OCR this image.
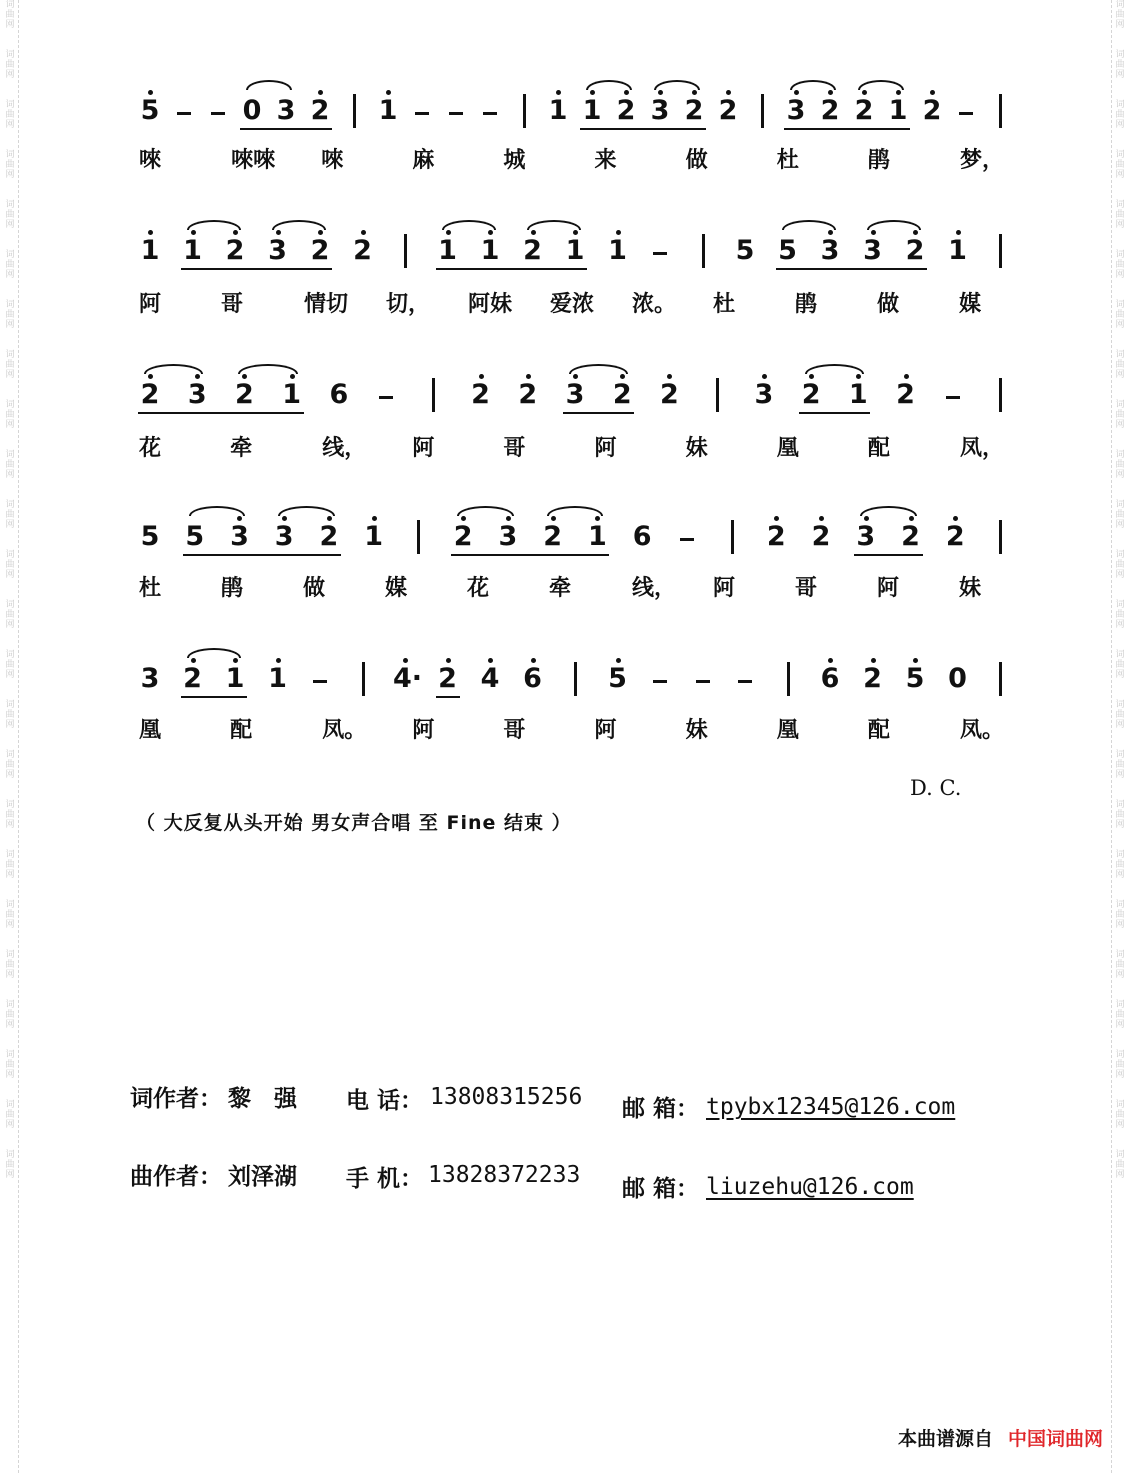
词
曲
网

词
曲
网

词
曲
网

词
曲
网

词
曲
网

词
曲
网

词
曲
网

词
曲
网

词
曲
网

词
曲
网

词
曲
网

词
曲
网

词
曲
网

词
曲
网

词
曲
网

词
曲
网

词
曲
网

词
曲
网

词
曲
网

词
曲
网

词
曲
网

词
曲
网

词
曲
网

词
曲
网

词
曲
网

词
曲
网

词
曲
网

词
曲
网

词
曲
网

词
曲
网

词
曲
网

词
曲
网

词
曲
网

词
曲
网

词
曲
网

词
曲
网

词
曲
网

词
曲
网

词
曲
网

词
曲
网

词
曲
网

词
曲
网

词
曲
网

词
曲
网

词
曲
网

词
曲
网

词
曲
网

词
曲
网

5	0 3 2 1	1 1 2 3 2 2 3 2 2 1 2
唻	唻唻 唻	麻	城	来	做	杜	鹃	梦，
1 1 2 3 2 2 1 1 2 1 1	5 5 3 3 2 1
阿	哥	情切 切， 阿妹 爱浓 浓。 杜	鹃	做	媒
2 3 2 1 6	2 2 3 2 2	3 2 1 2
花	牵	线， 阿	哥	阿	妹	凰	配	凤，
5 5 3 3 2 1	2 3 2 1 6	2 2 3 2 2
杜	鹃	做	媒	花	牵	线， 阿	哥	阿	妹
3 2 1 1	4· 2 4 6 5	6 2 5 0
凰	配	凤。 阿	哥	阿	妹	凰	配	凤。
D. C.
（ 大反复从头开始 男女声合唱 至 Fine 结束 ）
词作者： 黎　强 电 话： 13808315256 邮 箱： tpybx12345@126.com
曲作者： 刘泽湖 手 机： 13828372233
邮 箱： liuzehu@126.com
本曲谱源自 中国词曲网
